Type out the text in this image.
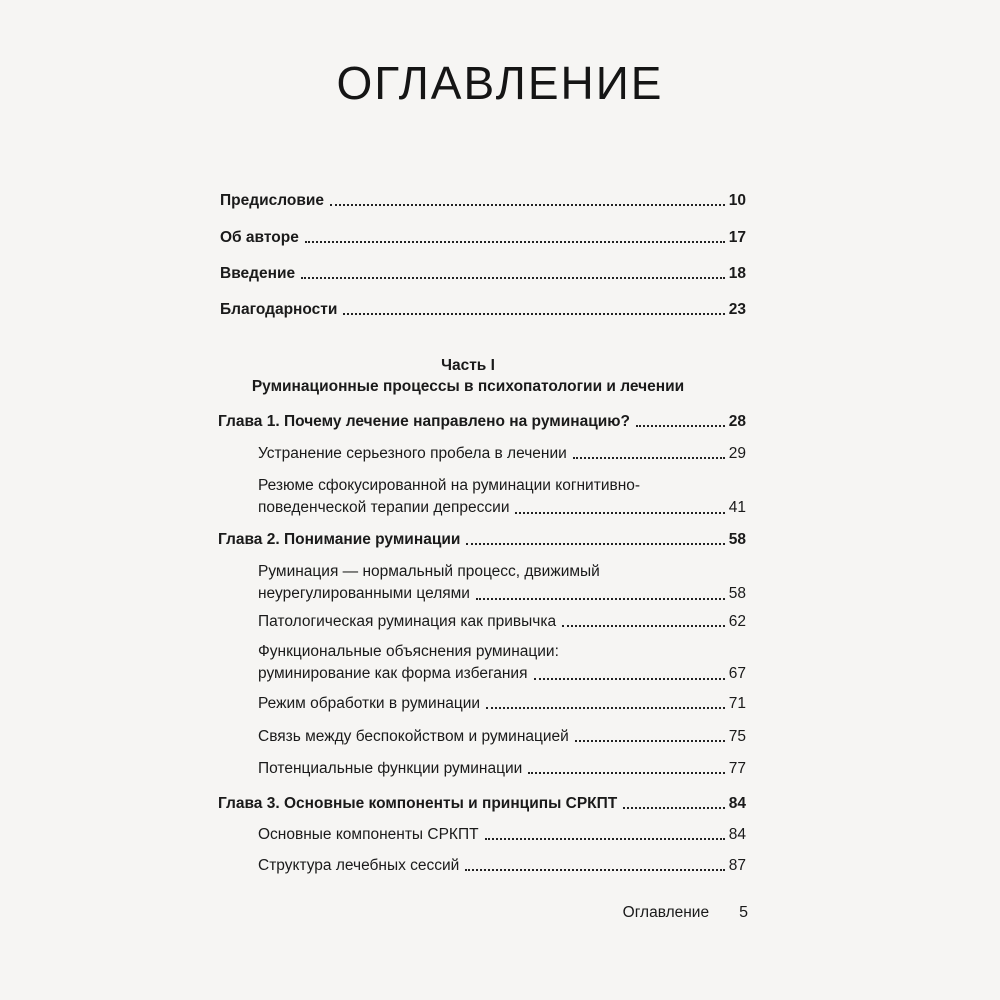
ОГЛАВЛЕНИЕ
Предисловие	10
Об авторе	17
Введение	18
Благодарности	23
Часть I
Руминационные процессы в психопатологии и лечении
Глава 1. Почему лечение направлено на руминацию?	28
Устранение серьезного пробела в лечении	29
Резюме сфокусированной на руминации когнитивно-
поведенческой терапии депрессии	41
Глава 2. Понимание руминации	58
Руминация — нормальный процесс, движимый
неурегулированными целями	58
Патологическая руминация как привычка	62
Функциональные объяснения руминации:
руминирование как форма избегания	67
Режим обработки в руминации	71
Связь между беспокойством и руминацией	75
Потенциальные функции руминации	77
Глава 3. Основные компоненты и принципы СРКПТ	84
Основные компоненты СРКПТ	84
Структура лечебных сессий	87
Оглавление 5
